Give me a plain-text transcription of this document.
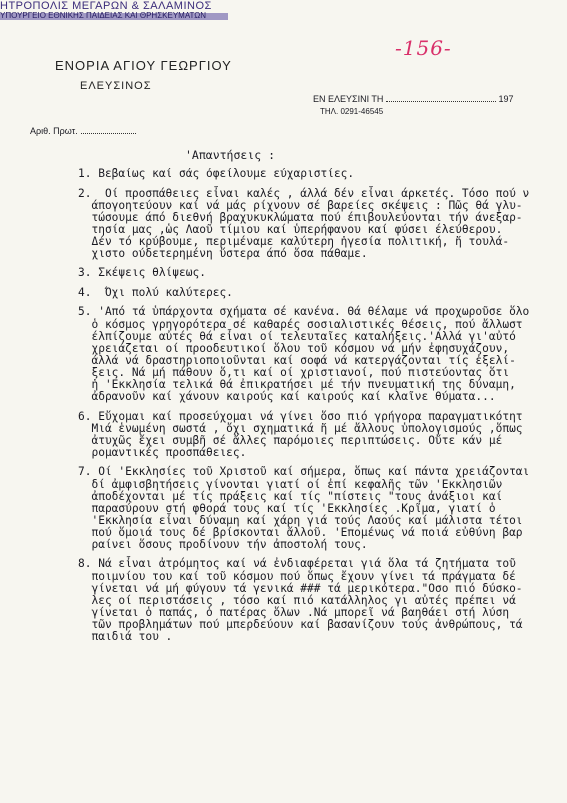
ΗΤΡΟΠΟΛΙΣ ΜΕΓΑΡΩΝ & ΣΑΛΑΜΙΝΟΣ
ΥΠΟΥΡΓΕΙΟ ΕΘΝΙΚΗΣ ΠΑΙΔΕΙΑΣ ΚΑΙ ΘΡΗΣΚΕΥΜΑΤΩΝ
ΕΝΟΡΙΑ ΑΓΙΟΥ ΓΕΩΡΓΙΟΥ
ΕΛΕΥΣΙΝΟΣ
-156-
ΕΝ ΕΛΕΥΣΙΝΙ ΤΗ	197
ΤΗΛ. 0291-46545
Αριθ. Πρωτ.
'Απαντήσεις :
1. Βεβαίως καί σάς όφείλουμε εύχαριστίες.
2.  Οί προσπάθειες εἶναι καλές , άλλά δέν εἶναι άρκετές. Τόσο πού ν
άπογοητεύουν καί νά μάς ρίχνουν σέ βαρείες σκέψεις : Πῶς θά γλυ-
τώσουμε άπό διεθνή βραχυκυκλώματα πού έπιβουλεύονται τήν άνεξαρ-
τησία μας ,ὡς Λαοῦ τίμιου καί ὑπερήφανου καί φύσει έλεύθερου.
Δέν τό κρύβουμε, περιμέναμε καλύτερη ἡγεσία πολιτική, ἤ τουλά-
χιστο ούδετερημένη ὕστερα άπό ὅσα πάθαμε.
3. Σκέψεις θλίψεως.
4.  Όχι πολύ καλύτερες.
5. 'Από τά ὑπάρχοντα σχήματα σέ κανένα. Θά θέλαμε νά προχωροῦσε ὅλο
ὁ κόσμος γρηγορότερα σέ καθαρές σοσιαλιστικές θέσεις, πού ἄλλωστ
έλπίζουμε αὐτές θά εἶναι οί τελευταῖες καταλήξεις.'Αλλά γι'αὐτό
χρειάζεται οί προοδευτικοί ὅλου τοῦ κόσμου νά μήν ἐφησυχάζουν,
άλλά νά δραστηριοποιοῦνται καί σοφά νά κατεργάζονται τίς ἐξελί-
ξεις. Νά μή πάθουν ὅ,τι καί οί χριστιανοί, πού πιστεύοντας ὅτι
ἡ 'Εκκλησία τελικά θά ἐπικρατήσει μέ τήν πνευματική της δύναμη,
ἀδρανοῦν καί χάνουν καιρούς καί καιρούς καί κλαῖνε θύματα...
6. Εὔχομαι καί προσεύχομαι νά γίνει ὅσο πιό γρήγορα παραγματικότητ
Μιά ἑνωμένη σωστά , ὄχι σχηματικά ἤ μέ ἄλλους ὑπολογισμούς ,ὅπως
ἀτυχῶς ἔχει συμβῆ σέ ἄλλες παρόμοιες περιπτώσεις. Οὔτε κάν μέ
ρομαντικές προσπάθειες.
7. Οί 'Εκκλησίες τοῦ Χριστοῦ καί σήμερα, ὅπως καί πάντα χρειάζονται
δί ἀμφισβητήσεις γίνονται γιατί οί ἐπί κεφαλῆς τῶν 'Εκκλησιῶν
ἀποδέχονται μέ τίς πράξεις καί τίς "πίστεις "τους ἀνάξιοι καί
παρασύρουν στή φθορά τους καί τίς 'Εκκλησίες .Κρῖμα, γιατί ὁ
'Εκκλησία εἶναι δύναμη καί χάρη γιά τούς Λαούς καί μάλιστα τέτοι
πού ὅμοιά τους δέ βρίσκονται ἄλλοῦ. 'Επομένως νά ποιά εὐθύνη βαρ
ραίνει ὅσους προδίνουν τήν ἀποστολή τους.
8. Νά εἶναι ἀτρόμητος καί νά ἐνδιαφέρεται γιά ὅλα τά ζητήματα τοῦ
ποιμνίου του καί τοῦ κόσμου πού ὅπως ἔχουν γίνει τά πράγματα δέ
γίνεται νά μή φύγουν τά γενικά ### τά μερικότερα."Οσο πιό δύσκο-
λες οί περιστάσεις , τόσο καί πιό κατάλληλος γι αὐτές πρέπει νά
γίνεται ὁ παπάς, ὁ πατέρας ὅλων .Νά μπορεῖ νά βαηθάει στή λύση
τῶν προβλημάτων πού μπερδεύουν καί βασανίζουν τούς ἀνθρώπους, τά
παιδιά του .
